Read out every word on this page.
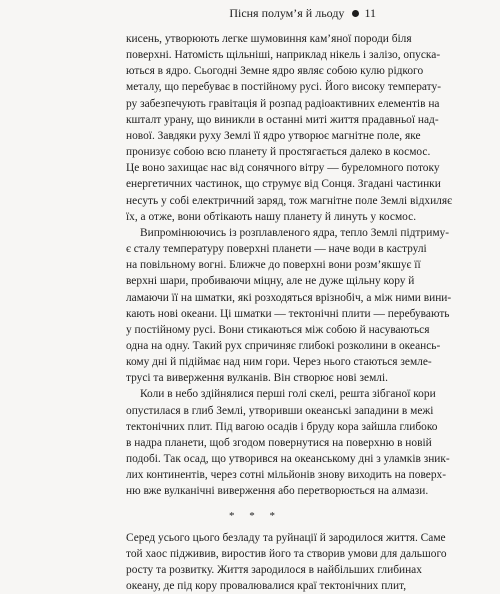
Пісня полум’я й льоду 11
кисень, утворюють легке шумовиння кам’яної породи біля
поверхні. Натомість щільніші, наприклад нікель і залізо, опуска-
ються в ядро. Сьогодні Земне ядро являє собою кулю рідкого
металу, що перебуває в постійному русі. Його високу температу-
ру забезпечують гравітація й розпад радіоактивних елементів на
кшталт урану, що виникли в останні миті життя прадавньої над-
нової. Завдяки руху Землі її ядро утворює магнітне поле, яке
пронизує собою всю планету й простягається далеко в космос.
Це воно захищає нас від сонячного вітру — буреломного потоку
енергетичних частинок, що струмує від Сонця. Згадані частинки
несуть у собі електричний заряд, тож магнітне поле Землі відхиляє
їх, а отже, вони обтікають нашу планету й линуть у космос.
Випромінюючись із розплавленого ядра, тепло Землі підтриму-
є сталу температуру поверхні планети — наче води в каструлі
на повільному вогні. Ближче до поверхні вони розм’якшує її
верхні шари, пробиваючи міцну, але не дуже щільну кору й
ламаючи її на шматки, які розходяться врізнобіч, а між ними вини-
кають нові океани. Ці шматки — тектонічні плити — перебувають
у постійному русі. Вони стикаються між собою й насуваються
одна на одну. Такий рух спричиняє глибокі розколини в океансь-
кому дні й підіймає над ним гори. Через нього стаються земле-
трусі та виверження вулканів. Він створює нові землі.
Коли в небо здійнялися перші голі скелі, решта зібганої кори
опустилася в глиб Землі, утворивши океанські западини в межі
тектонічних плит. Під вагою осадів і бруду кора зайшла глибоко
в надра планети, щоб згодом повернутися на поверхню в новій
подобі. Так осад, що утворився на океанському дні з уламків зник-
лих континентів, через сотні мільйонів знову виходить на поверх-
ню вже вулканічні виверження або перетворюється на алмази.
* * *
Серед усього цього безладу та руйнації й зародилося життя. Саме
той хаос підживив, виростив його та створив умови для дальшого
росту та розвитку. Життя зародилося в найбільших глибинах
океану, де під кору провалювалися краї тектонічних плит,
